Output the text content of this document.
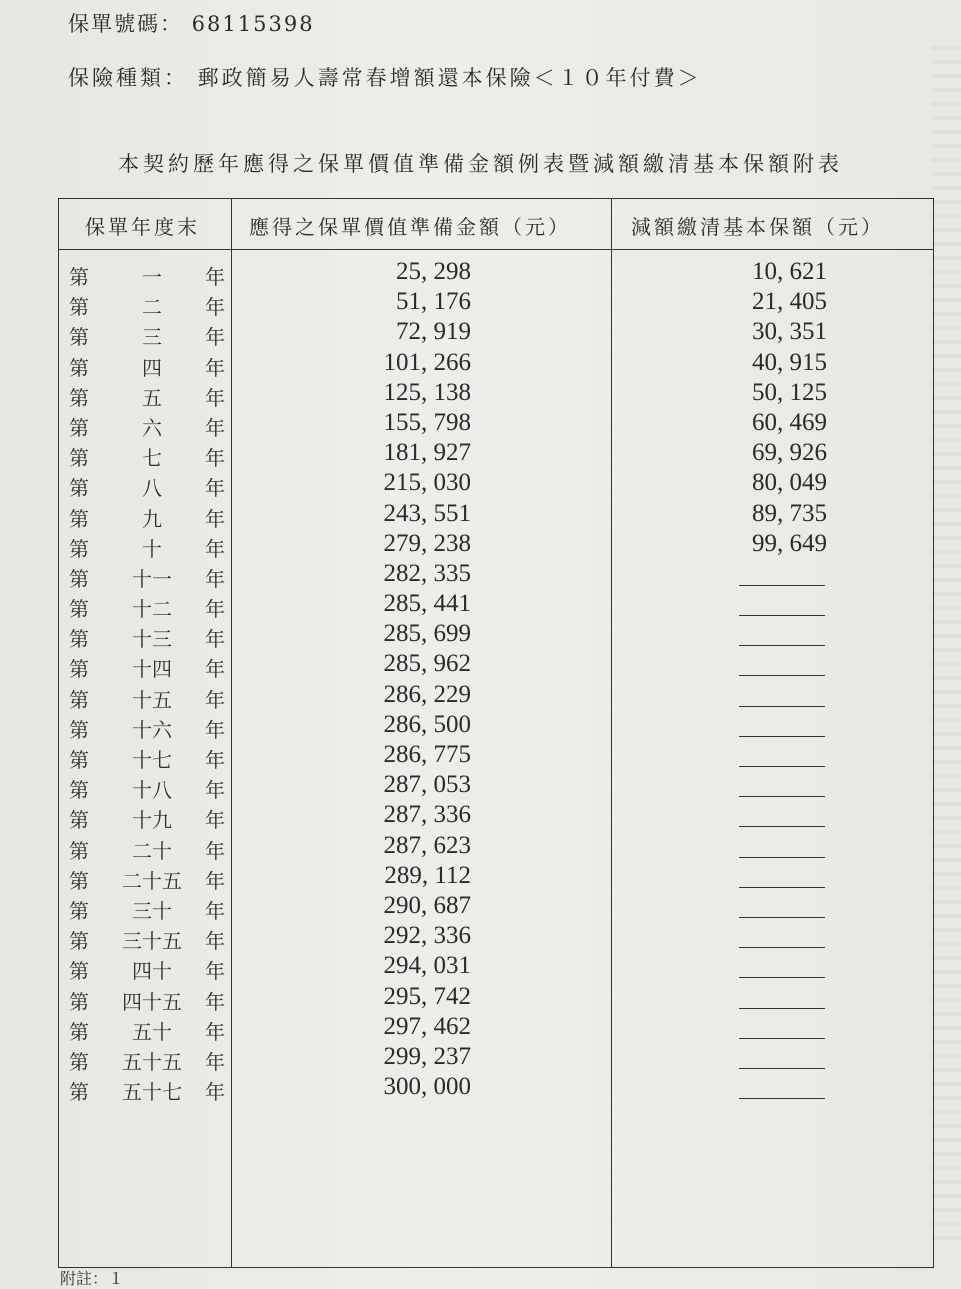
保單號碼： 68115398
保險種類： 郵政簡易人壽常春增額還本保險＜１０年付費＞
本契約歷年應得之保單價值準備金額例表暨減額繳清基本保額附表
保單年度末 應得之保單價值準備金額（元）	減額繳清基本保額（元）
第	一	年	25, 298	10, 621
第	二	年	51, 176	21, 405
第	三	年	72, 919	30, 351
第	四	年	101, 266	40, 915
第	五	年	125, 138	50, 125
第	六	年	155, 798	60, 469
第	七	年	181, 927	69, 926
第	八	年	215, 030	80, 049
第	九	年	243, 551	89, 735
第	十	年	279, 238	99, 649
第	十一	年	282, 335
第	十二	年	285, 441
第	十三	年	285, 699
第	十四	年	285, 962
第	十五	年	286, 229
第	十六	年	286, 500
第	十七	年	286, 775
第	十八	年	287, 053
第	十九	年	287, 336
第	二十	年	287, 623
第	二十五	年	289, 112
第	三十	年	290, 687
第	三十五	年	292, 336
第	四十	年	294, 031
第	四十五	年	295, 742
第	五十	年	297, 462
第	五十五	年	299, 237
第	五十七	年	300, 000
附註：１
